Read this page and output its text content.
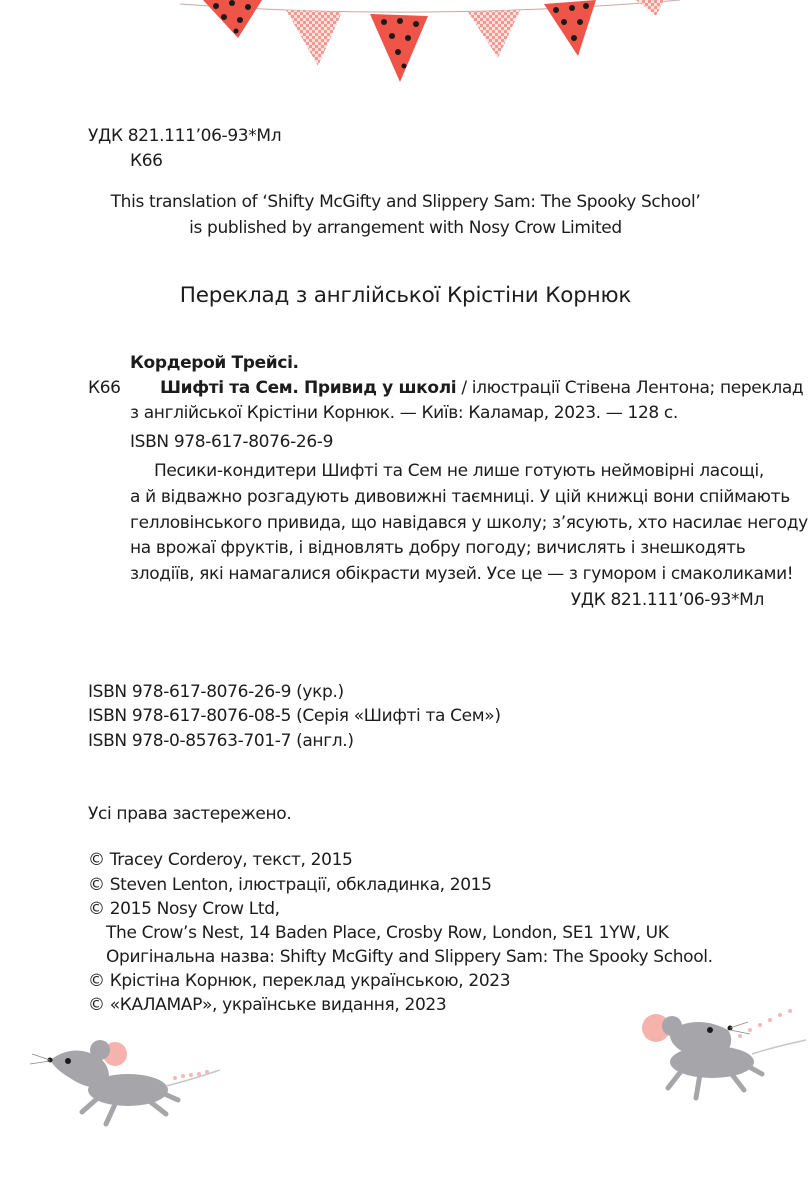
УДК 821.111’06-93*Мл
К66
This translation of ‘Shifty McGifty and Slippery Sam: The Spooky School’
is published by arrangement with Nosy Crow Limited
Переклад з англійської Крістіни Корнюк
Кордерой Трейсі.
К66 Шифті та Сем. Привид у школі / ілюстрації Стівена Лентона; переклад
з англійської Крістіни Корнюк. — Київ: Каламар, 2023. — 128 с.
ISBN 978-617-8076-26-9
Песики-кондитери Шифті та Сем не лише готують неймовірні ласощі,
а й відважно розгадують дивовижні таємниці. У цій книжці вони спіймають
гелловінського привида, що навідався у школу; з’ясують, хто насилає негоду
на врожаї фруктів, і відновлять добру погоду; вичислять і знешкодять
злодіїв, які намагалися обікрасти музей. Усе це — з гумором і смаколиками!
УДК 821.111’06-93*Мл
ISBN 978-617-8076-26-9 (укр.)
ISBN 978-617-8076-08-5 (Серія «Шифті та Сем»)
ISBN 978-0-85763-701-7 (англ.)
Усі права застережено.
© Tracey Corderoy, текст, 2015
© Steven Lenton, ілюстрації, обкладинка, 2015
© 2015 Nosy Crow Ltd,
The Crow’s Nest, 14 Baden Place, Crosby Row, London, SE1 1YW, UK
Оригінальна назва: Shifty McGifty and Slippery Sam: The Spooky School.
© Крістіна Корнюк, переклад українською, 2023
© «КАЛАМАР», українське видання, 2023
